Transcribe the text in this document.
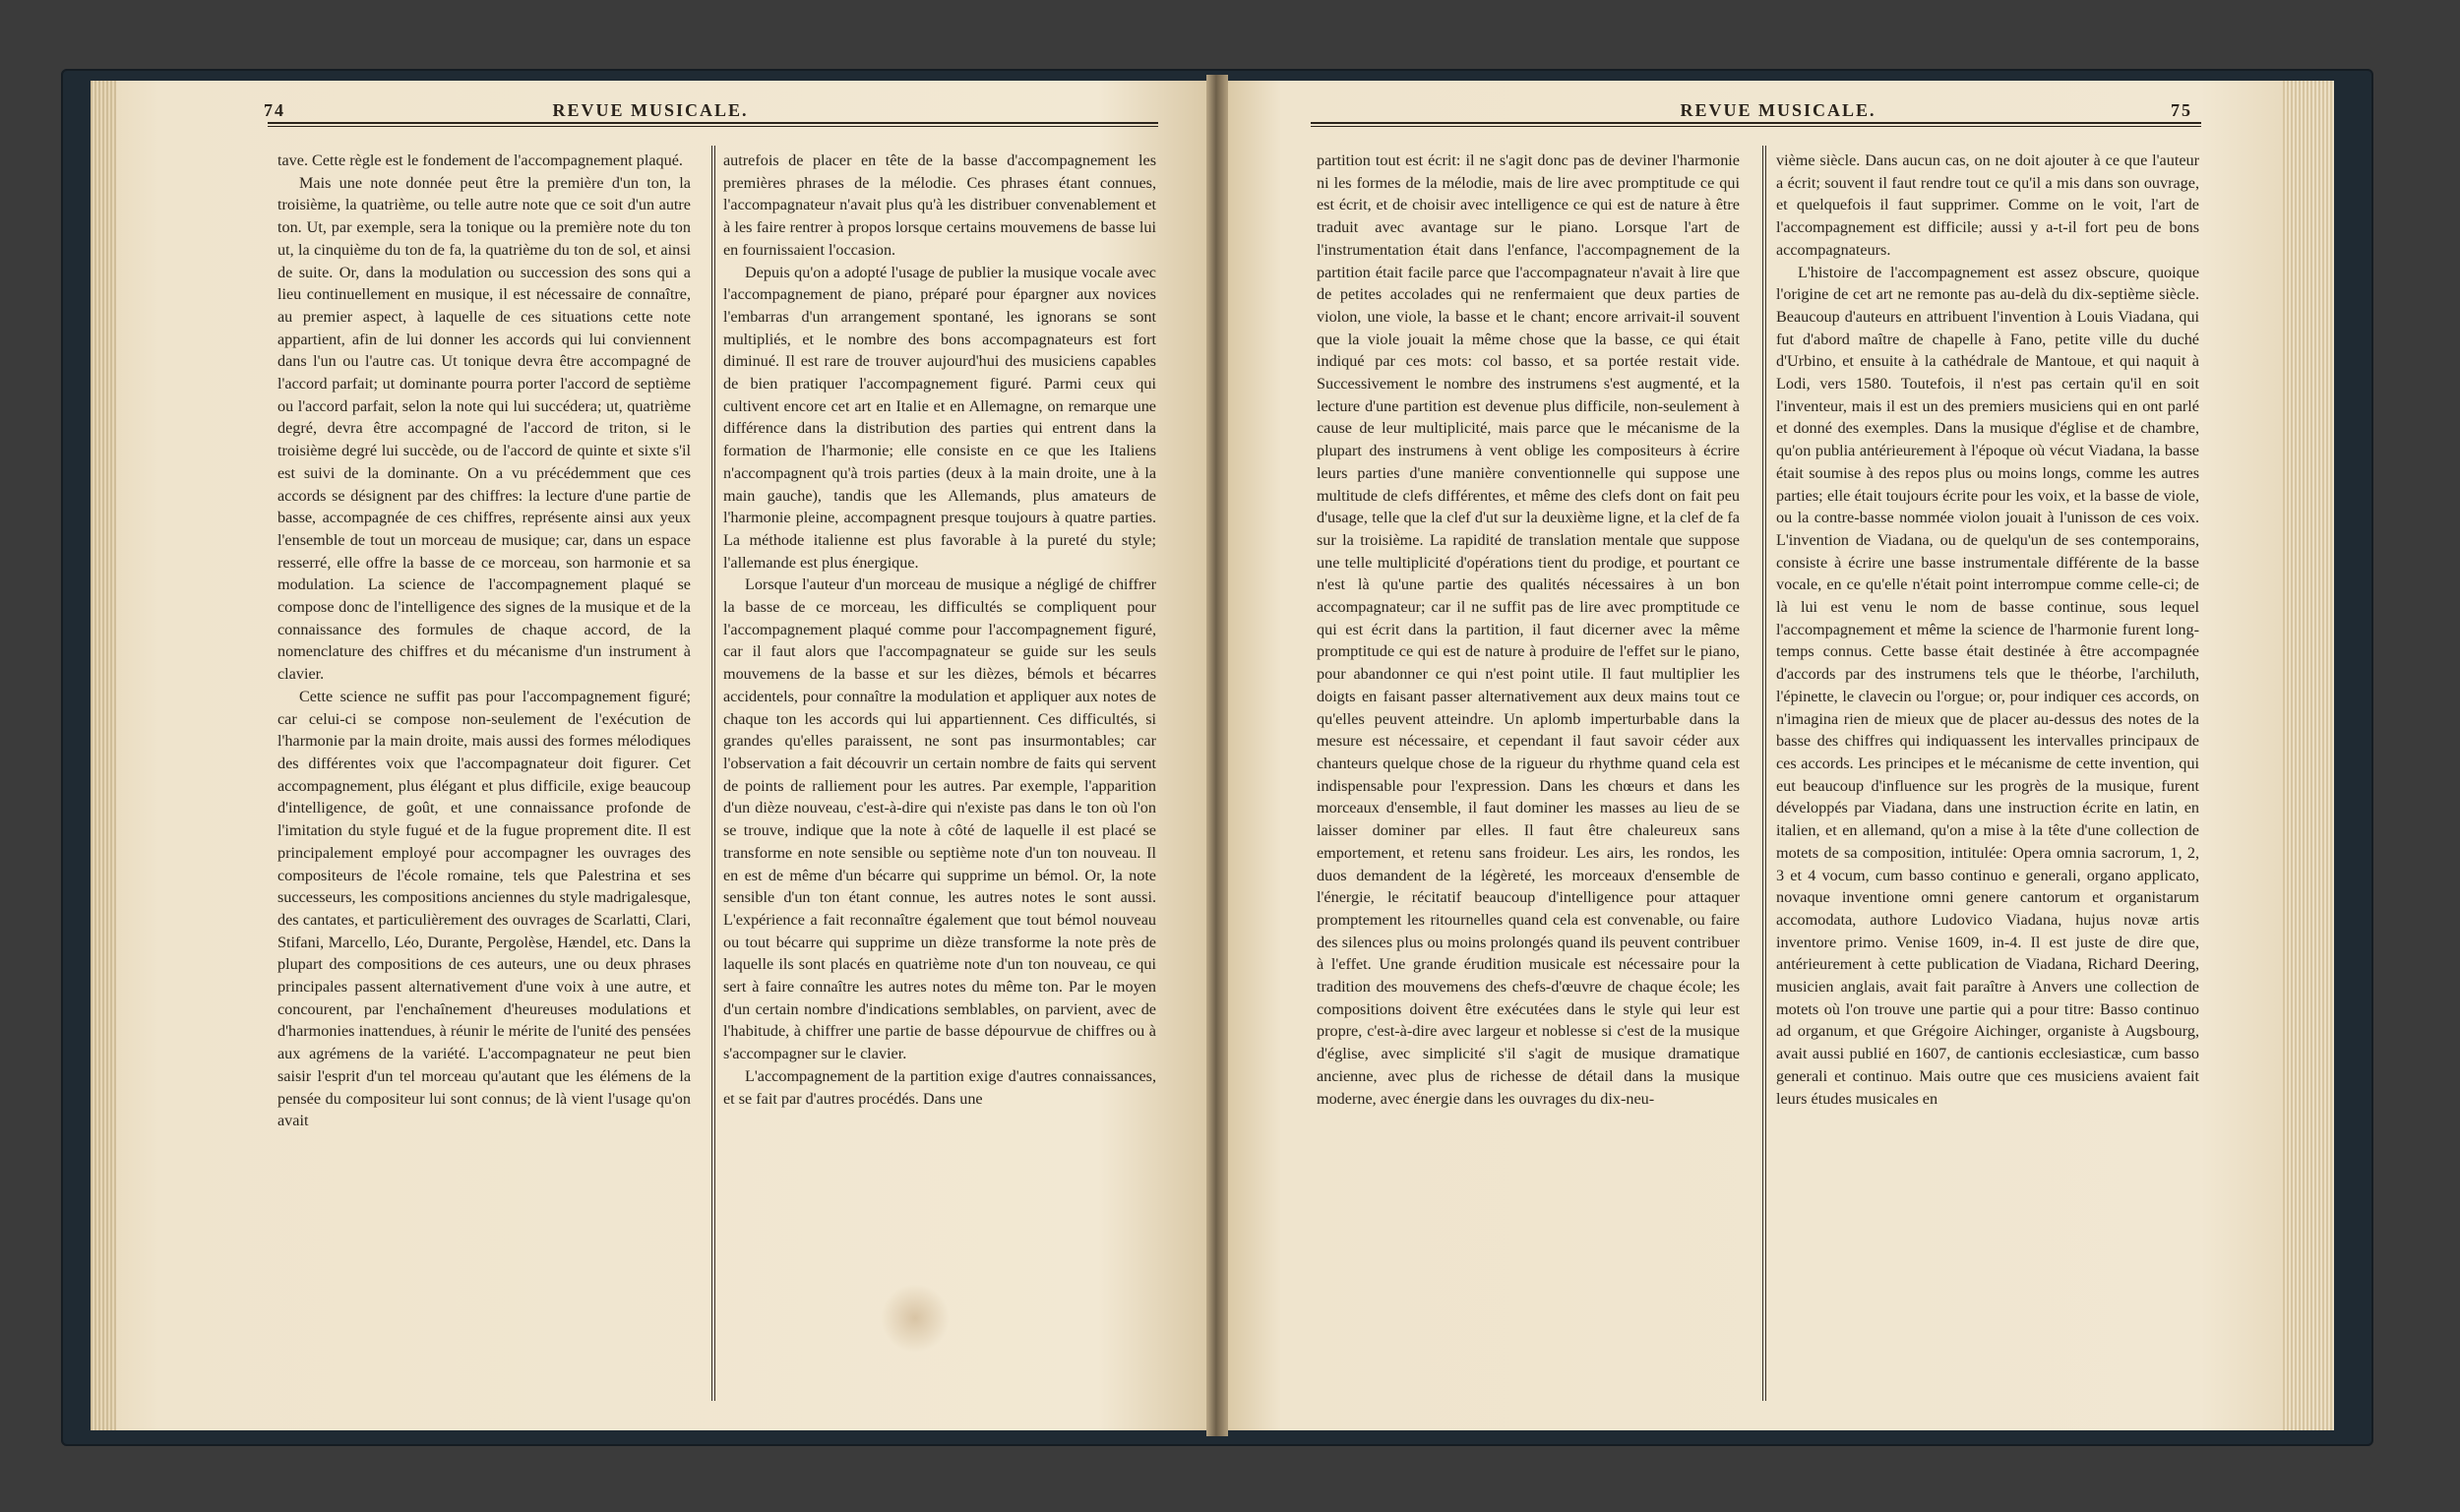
74	REVUE MUSICALE.

tave. Cette règle est le fondement de l'accompagnement plaqué.

Mais une note donnée peut être la première d'un ton, la troisième, la quatrième, ou telle autre note que ce soit d'un autre ton. Ut, par exemple, sera la tonique ou la première note du ton ut, la cinquième du ton de fa, la quatrième du ton de sol, et ainsi de suite. Or, dans la modulation ou succession des sons qui a lieu continuellement en musique, il est nécessaire de connaître, au premier aspect, à laquelle de ces situations cette note appartient, afin de lui donner les accords qui lui conviennent dans l'un ou l'autre cas. Ut tonique devra être accompagné de l'accord parfait; ut dominante pourra porter l'accord de septième ou l'accord parfait, selon la note qui lui succédera; ut, quatrième degré, devra être accompagné de l'accord de triton, si le troisième degré lui succède, ou de l'accord de quinte et sixte s'il est suivi de la dominante. On a vu précédemment que ces accords se désignent par des chiffres: la lecture d'une partie de basse, accompagnée de ces chiffres, représente ainsi aux yeux l'ensemble de tout un morceau de musique; car, dans un espace resserré, elle offre la basse de ce morceau, son harmonie et sa modulation. La science de l'accompagnement plaqué se compose donc de l'intelligence des signes de la musique et de la connaissance des formules de chaque accord, de la nomenclature des chiffres et du mécanisme d'un instrument à clavier.

Cette science ne suffit pas pour l'accompagnement figuré; car celui-ci se compose non-seulement de l'exécution de l'harmonie par la main droite, mais aussi des formes mélodiques des différentes voix que l'accompagnateur doit figurer. Cet accompagnement, plus élégant et plus difficile, exige beaucoup d'intelligence, de goût, et une connaissance profonde de l'imitation du style fugué et de la fugue proprement dite. Il est principalement employé pour accompagner les ouvrages des compositeurs de l'école romaine, tels que Palestrina et ses successeurs, les compositions anciennes du style madrigalesque, des cantates, et particulièrement des ouvrages de Scarlatti, Clari, Stifani, Marcello, Léo, Durante, Pergolèse, Hændel, etc. Dans la plupart des compositions de ces auteurs, une ou deux phrases principales passent alternativement d'une voix à une autre, et concourent, par l'enchaînement d'heureuses modulations et d'harmonies inattendues, à réunir le mérite de l'unité des pensées aux agrémens de la variété. L'accompagnateur ne peut bien saisir l'esprit d'un tel morceau qu'autant que les élémens de la pensée du compositeur lui sont connus; de là vient l'usage qu'on avait

autrefois de placer en tête de la basse d'accompagnement les premières phrases de la mélodie. Ces phrases étant connues, l'accompagnateur n'avait plus qu'à les distribuer convenablement et à les faire rentrer à propos lorsque certains mouvemens de basse lui en fournissaient l'occasion.

Depuis qu'on a adopté l'usage de publier la musique vocale avec l'accompagnement de piano, préparé pour épargner aux novices l'embarras d'un arrangement spontané, les ignorans se sont multipliés, et le nombre des bons accompagnateurs est fort diminué. Il est rare de trouver aujourd'hui des musiciens capables de bien pratiquer l'accompagnement figuré. Parmi ceux qui cultivent encore cet art en Italie et en Allemagne, on remarque une différence dans la distribution des parties qui entrent dans la formation de l'harmonie; elle consiste en ce que les Italiens n'accompagnent qu'à trois parties (deux à la main droite, une à la main gauche), tandis que les Allemands, plus amateurs de l'harmonie pleine, accompagnent presque toujours à quatre parties. La méthode italienne est plus favorable à la pureté du style; l'allemande est plus énergique.

Lorsque l'auteur d'un morceau de musique a négligé de chiffrer la basse de ce morceau, les difficultés se compliquent pour l'accompagnement plaqué comme pour l'accompagnement figuré, car il faut alors que l'accompagnateur se guide sur les seuls mouvemens de la basse et sur les dièzes, bémols et bécarres accidentels, pour connaître la modulation et appliquer aux notes de chaque ton les accords qui lui appartiennent. Ces difficultés, si grandes qu'elles paraissent, ne sont pas insurmontables; car l'observation a fait découvrir un certain nombre de faits qui servent de points de ralliement pour les autres. Par exemple, l'apparition d'un dièze nouveau, c'est-à-dire qui n'existe pas dans le ton où l'on se trouve, indique que la note à côté de laquelle il est placé se transforme en note sensible ou septième note d'un ton nouveau. Il en est de même d'un bécarre qui supprime un bémol. Or, la note sensible d'un ton étant connue, les autres notes le sont aussi. L'expérience a fait reconnaître également que tout bémol nouveau ou tout bécarre qui supprime un dièze transforme la note près de laquelle ils sont placés en quatrième note d'un ton nouveau, ce qui sert à faire connaître les autres notes du même ton. Par le moyen d'un certain nombre d'indications semblables, on parvient, avec de l'habitude, à chiffrer une partie de basse dépourvue de chiffres ou à s'accompagner sur le clavier.

L'accompagnement de la partition exige d'autres connaissances, et se fait par d'autres procédés. Dans une

REVUE MUSICALE.	75

partition tout est écrit: il ne s'agit donc pas de deviner l'harmonie ni les formes de la mélodie, mais de lire avec promptitude ce qui est écrit, et de choisir avec intelligence ce qui est de nature à être traduit avec avantage sur le piano. Lorsque l'art de l'instrumentation était dans l'enfance, l'accompagnement de la partition était facile parce que l'accompagnateur n'avait à lire que de petites accolades qui ne renfermaient que deux parties de violon, une viole, la basse et le chant; encore arrivait-il souvent que la viole jouait la même chose que la basse, ce qui était indiqué par ces mots: col basso, et sa portée restait vide. Successivement le nombre des instrumens s'est augmenté, et la lecture d'une partition est devenue plus difficile, non-seulement à cause de leur multiplicité, mais parce que le mécanisme de la plupart des instrumens à vent oblige les compositeurs à écrire leurs parties d'une manière conventionnelle qui suppose une multitude de clefs différentes, et même des clefs dont on fait peu d'usage, telle que la clef d'ut sur la deuxième ligne, et la clef de fa sur la troisième. La rapidité de translation mentale que suppose une telle multiplicité d'opérations tient du prodige, et pourtant ce n'est là qu'une partie des qualités nécessaires à un bon accompagnateur; car il ne suffit pas de lire avec promptitude ce qui est écrit dans la partition, il faut dicerner avec la même promptitude ce qui est de nature à produire de l'effet sur le piano, pour abandonner ce qui n'est point utile. Il faut multiplier les doigts en faisant passer alternativement aux deux mains tout ce qu'elles peuvent atteindre. Un aplomb imperturbable dans la mesure est nécessaire, et cependant il faut savoir céder aux chanteurs quelque chose de la rigueur du rhythme quand cela est indispensable pour l'expression. Dans les chœurs et dans les morceaux d'ensemble, il faut dominer les masses au lieu de se laisser dominer par elles. Il faut être chaleureux sans emportement, et retenu sans froideur. Les airs, les rondos, les duos demandent de la légèreté, les morceaux d'ensemble de l'énergie, le récitatif beaucoup d'intelligence pour attaquer promptement les ritournelles quand cela est convenable, ou faire des silences plus ou moins prolongés quand ils peuvent contribuer à l'effet. Une grande érudition musicale est nécessaire pour la tradition des mouvemens des chefs-d'œuvre de chaque école; les compositions doivent être exécutées dans le style qui leur est propre, c'est-à-dire avec largeur et noblesse si c'est de la musique d'église, avec simplicité s'il s'agit de musique dramatique ancienne, avec plus de richesse de détail dans la musique moderne, avec énergie dans les ouvrages du dix-neu-

vième siècle. Dans aucun cas, on ne doit ajouter à ce que l'auteur a écrit; souvent il faut rendre tout ce qu'il a mis dans son ouvrage, et quelquefois il faut supprimer. Comme on le voit, l'art de l'accompagnement est difficile; aussi y a-t-il fort peu de bons accompagnateurs.

L'histoire de l'accompagnement est assez obscure, quoique l'origine de cet art ne remonte pas au-delà du dix-septième siècle. Beaucoup d'auteurs en attribuent l'invention à Louis Viadana, qui fut d'abord maître de chapelle à Fano, petite ville du duché d'Urbino, et ensuite à la cathédrale de Mantoue, et qui naquit à Lodi, vers 1580. Toutefois, il n'est pas certain qu'il en soit l'inventeur, mais il est un des premiers musiciens qui en ont parlé et donné des exemples. Dans la musique d'église et de chambre, qu'on publia antérieurement à l'époque où vécut Viadana, la basse était soumise à des repos plus ou moins longs, comme les autres parties; elle était toujours écrite pour les voix, et la basse de viole, ou la contre-basse nommée violon jouait à l'unisson de ces voix. L'invention de Viadana, ou de quelqu'un de ses contemporains, consiste à écrire une basse instrumentale différente de la basse vocale, en ce qu'elle n'était point interrompue comme celle-ci; de là lui est venu le nom de basse continue, sous lequel l'accompagnement et même la science de l'harmonie furent long-temps connus. Cette basse était destinée à être accompagnée d'accords par des instrumens tels que le théorbe, l'archiluth, l'épinette, le clavecin ou l'orgue; or, pour indiquer ces accords, on n'imagina rien de mieux que de placer au-dessus des notes de la basse des chiffres qui indiquassent les intervalles principaux de ces accords. Les principes et le mécanisme de cette invention, qui eut beaucoup d'influence sur les progrès de la musique, furent développés par Viadana, dans une instruction écrite en latin, en italien, et en allemand, qu'on a mise à la tête d'une collection de motets de sa composition, intitulée: Opera omnia sacrorum, 1, 2, 3 et 4 vocum, cum basso continuo e generali, organo applicato, novaque inventione omni genere cantorum et organistarum accomodata, authore Ludovico Viadana, hujus novæ artis inventore primo. Venise 1609, in-4. Il est juste de dire que, antérieurement à cette publication de Viadana, Richard Deering, musicien anglais, avait fait paraître à Anvers une collection de motets où l'on trouve une partie qui a pour titre: Basso continuo ad organum, et que Grégoire Aichinger, organiste à Augsbourg, avait aussi publié en 1607, de cantionis ecclesiasticæ, cum basso generali et continuo. Mais outre que ces musiciens avaient fait leurs études musicales en
